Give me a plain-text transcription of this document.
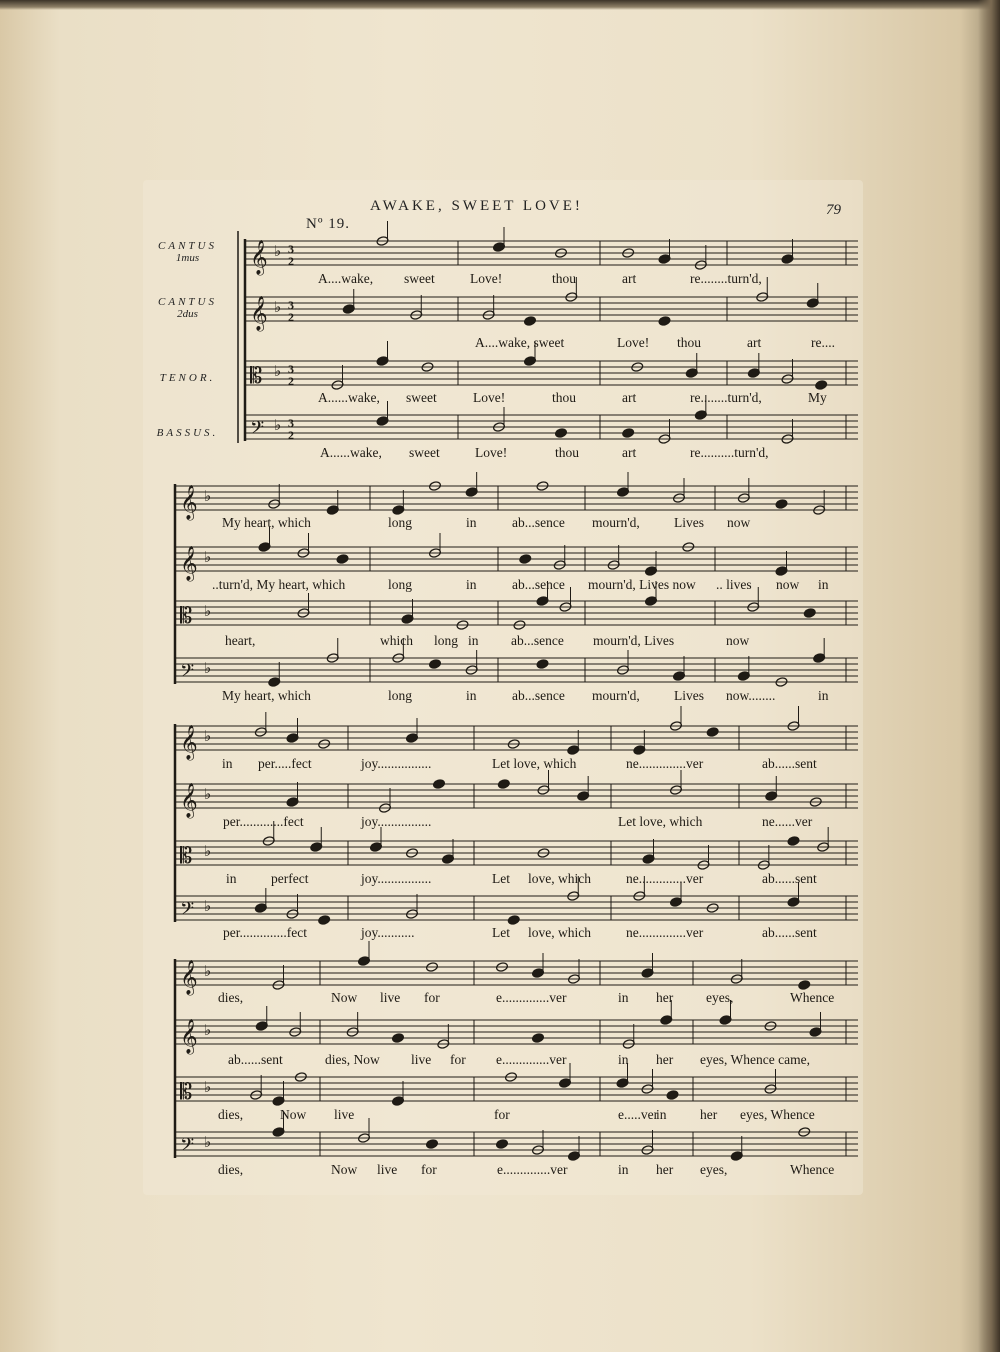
AWAKE, SWEET LOVE!	79
Nº 19.
CANTUS
1mus
CANTUS
2dus
TENOR.
BASSUS.
𝄞 ♭ 3
2
𝄞 ♭ 3
2
𝄡 ♭ 3
2
𝄢 ♭ 3
2
𝄞 ♭
𝄞 ♭
𝄡 ♭
𝄢 ♭
𝄞 ♭
𝄞 ♭
𝄡 ♭
𝄢 ♭
𝄞 ♭
𝄞 ♭
𝄡 ♭
𝄢 ♭
A....wake, sweet	Love!	thou	art	re........turn'd,
A....wake, sweet	Love! thou	art	re....
A......wake, sweet	Love!	thou	art	re........turn'd,	My
A......wake, sweet	Love!	thou	art	re..........turn'd,
My heart, which	long	in	ab...sence mourn'd,	Lives now
..turn'd, My heart, which	long	in	ab...sence mourn'd, Lives now .. lives now in
heart,	which long in ab...sence mourn'd, Lives	now
My heart, which	long	in	ab...sence mourn'd,	Lives now........	in
in per.....fect	joy................	Let love, which	ne..............ver	ab......sent
per.............fect	joy................	Let love, which	ne......ver
in	perfect	joy................	Let love, which	ne..............ver	ab......sent
per..............fect	joy...........	Let love, which	ne..............ver	ab......sent
dies,	Now live for	e..............ver	in her eyes,	Whence
ab......sent	dies, Now live for e..............ver	in her eyes, Whence came,
dies,	Now live	for	e.....ver
in her eyes, Whence
dies,	Now live for	e..............ver	in her eyes,	Whence
